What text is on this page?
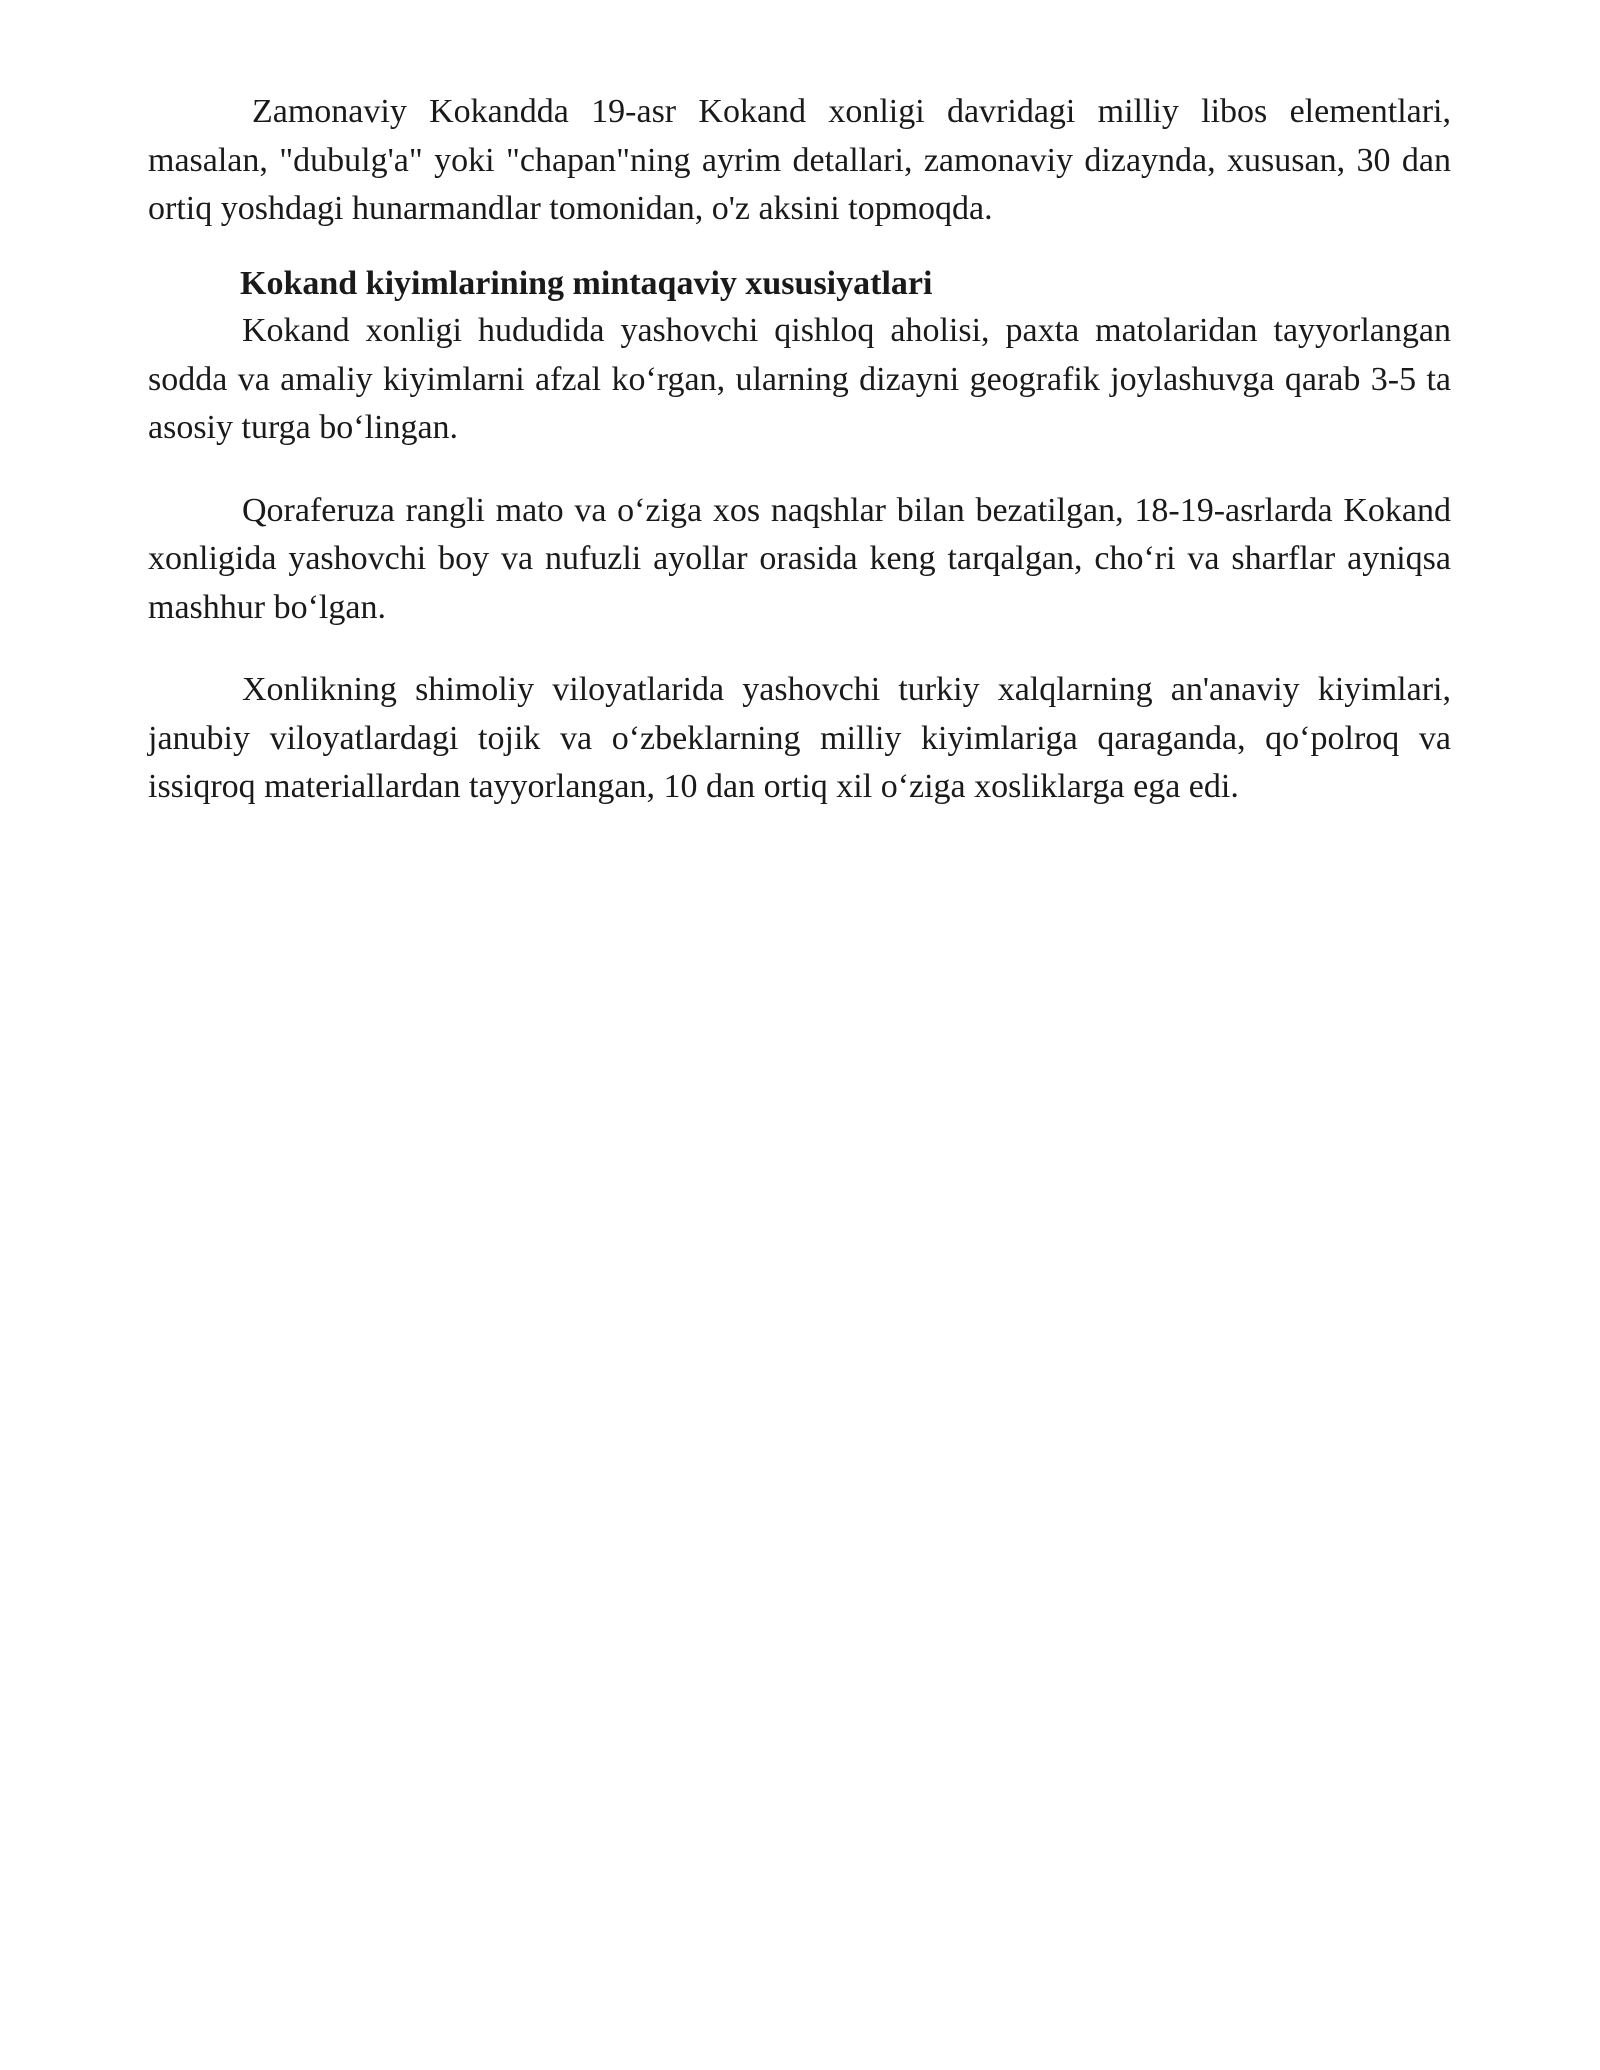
Zamonaviy Kokandda 19-asr Kokand xonligi davridagi milliy libos elementlari, masalan, "dubulg'a" yoki "chapan"ning ayrim detallari, zamonaviy dizaynda, xususan, 30 dan ortiq yoshdagi hunarmandlar tomonidan, o'z aksini topmoqda.

Kokand kiyimlarining mintaqaviy xususiyatlari

Kokand xonligi hududida yashovchi qishloq aholisi, paxta matolaridan tayyorlangan sodda va amaliy kiyimlarni afzal ko‘rgan, ularning dizayni geografik joylashuvga qarab 3-5 ta asosiy turga bo‘lingan.

Qoraferuza rangli mato va o‘ziga xos naqshlar bilan bezatilgan, 18-19-asrlarda Kokand xonligida yashovchi boy va nufuzli ayollar orasida keng tarqalgan, cho‘ri va sharflar ayniqsa mashhur bo‘lgan.

Xonlikning shimoliy viloyatlarida yashovchi turkiy xalqlarning an'anaviy kiyimlari, janubiy viloyatlardagi tojik va o‘zbeklarning milliy kiyimlariga qaraganda, qo‘polroq va issiqroq materiallardan tayyorlangan, 10 dan ortiq xil o‘ziga xosliklarga ega edi.
